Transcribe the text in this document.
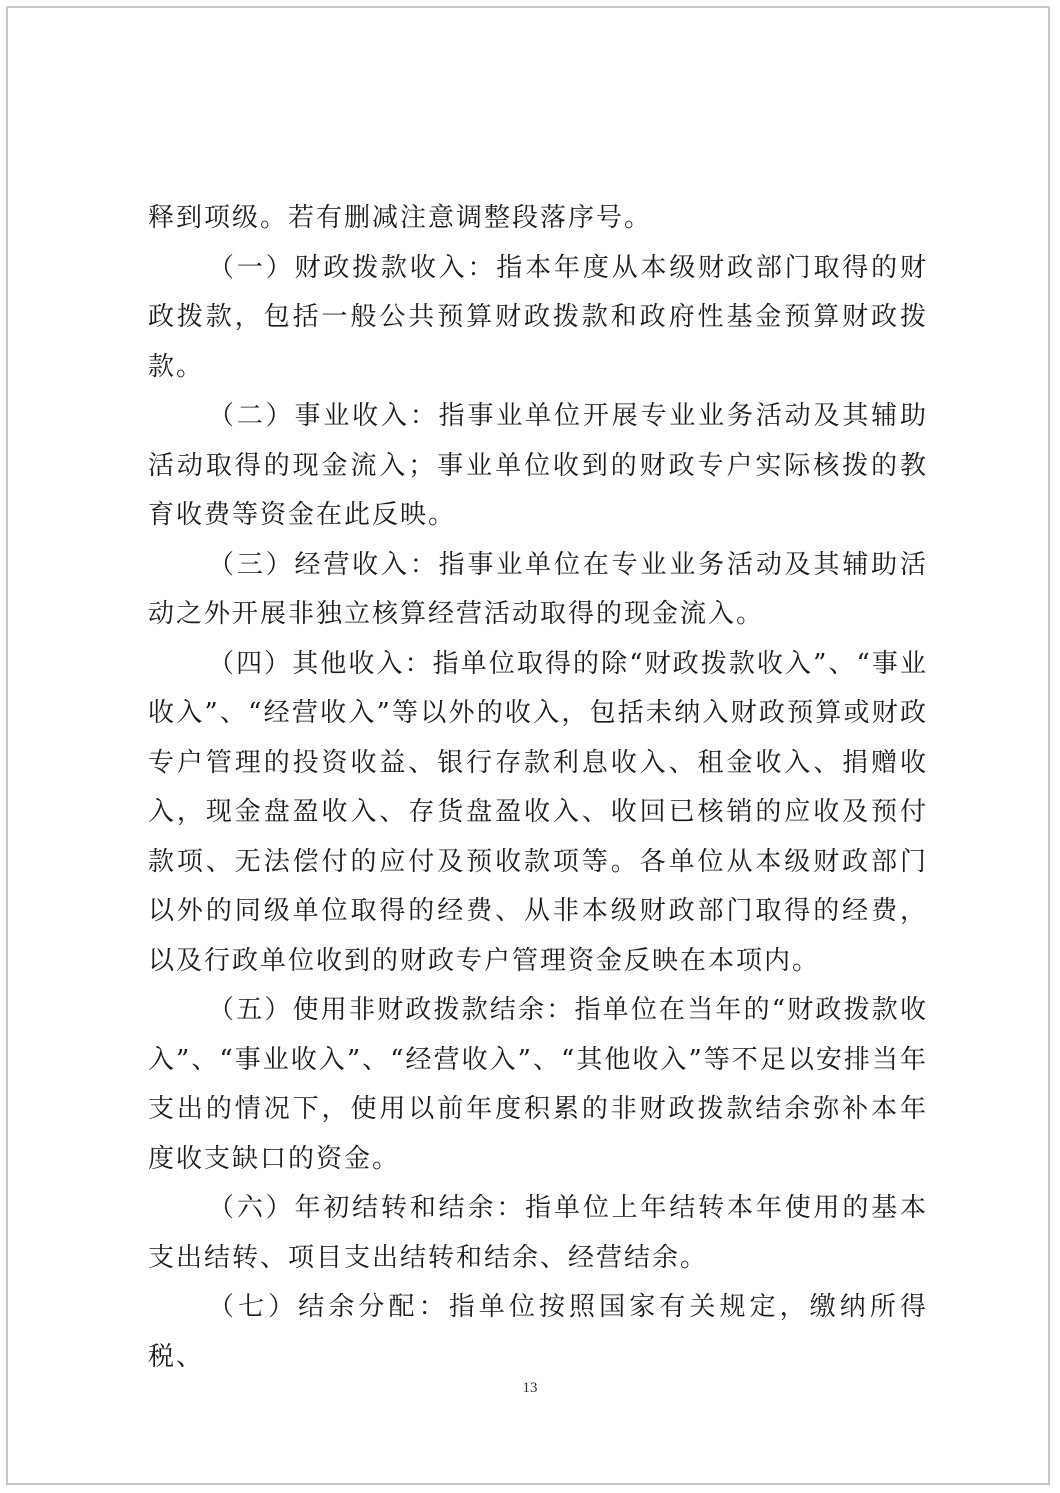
释到项级。若有删减注意调整段落序号。

（一）财政拨款收入：指本年度从本级财政部门取得的财政拨款，包括一般公共预算财政拨款和政府性基金预算财政拨款。

（二）事业收入：指事业单位开展专业业务活动及其辅助活动取得的现金流入；事业单位收到的财政专户实际核拨的教育收费等资金在此反映。

（三）经营收入：指事业单位在专业业务活动及其辅助活动之外开展非独立核算经营活动取得的现金流入。

（四）其他收入：指单位取得的除“财政拨款收入”、“事业收入”、“经营收入”等以外的收入，包括未纳入财政预算或财政专户管理的投资收益、银行存款利息收入、租金收入、捐赠收入，现金盘盈收入、存货盘盈收入、收回已核销的应收及预付款项、无法偿付的应付及预收款项等。各单位从本级财政部门以外的同级单位取得的经费、从非本级财政部门取得的经费，以及行政单位收到的财政专户管理资金反映在本项内。

（五）使用非财政拨款结余：指单位在当年的“财政拨款收入”、“事业收入”、“经营收入”、“其他收入”等不足以安排当年支出的情况下，使用以前年度积累的非财政拨款结余弥补本年度收支缺口的资金。

（六）年初结转和结余：指单位上年结转本年使用的基本支出结转、项目支出结转和结余、经营结余。

（七）结余分配：指单位按照国家有关规定，缴纳所得税、

13
